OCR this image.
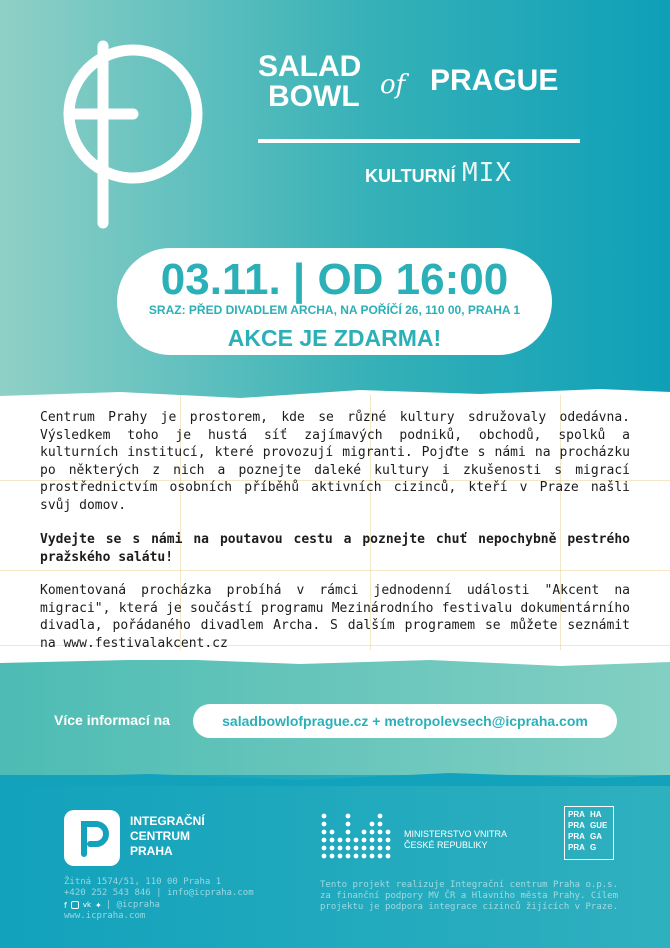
SALAD
BOWL of PRAGUE
KULTURNÍ MIX
03.11. | OD 16:00
SRAZ: PŘED DIVADLEM ARCHA, NA POŘÍČÍ 26, 110 00, PRAHA 1
AKCE JE ZDARMA!

Centrum Prahy je prostorem, kde se různé kultury sdružovaly odedávna. Výsledkem toho je hustá síť zajímavých podniků, obchodů, spolků a kulturních institucí, které provozují migranti. Pojďte s námi na procházku po některých z nich a poznejte daleké kultury i zkušenosti s migrací prostřednictvím osobních příběhů aktivních cizinců, kteří v Praze našli svůj domov.

Vydejte se s námi na poutavou cestu a poznejte chuť nepochybně pestrého pražského salátu!

Komentovaná procházka probíhá v rámci jednodenní události "Akcent na migraci", která je součástí programu Mezinárodního festivalu dokumentárního divadla, pořádaného divadlem Archa. S dalším programem se můžete seznámit na www.festivalakcent.cz

Více informací na	saladbowlofprague.cz + metropolevsech@icpraha.com
INTEGRAČNÍ
CENTRUM
PRAHA

Žitná 1574/51, 110 00 Praha 1

+420 252 543 846 | info@icpraha.com

f vk ✦ | @icpraha

www.icpraha.com

MINISTERSTVO VNITRA
ČESKÉ REPUBLIKY
PRA HA
PRA GUE
PRA GA
PRA G

Tento projekt realizuje Integrační centrum Praha o.p.s. za finanční podpory MV ČR a Hlavního města Prahy. Cílem projektu je podpora integrace cizinců žijících v Praze.
